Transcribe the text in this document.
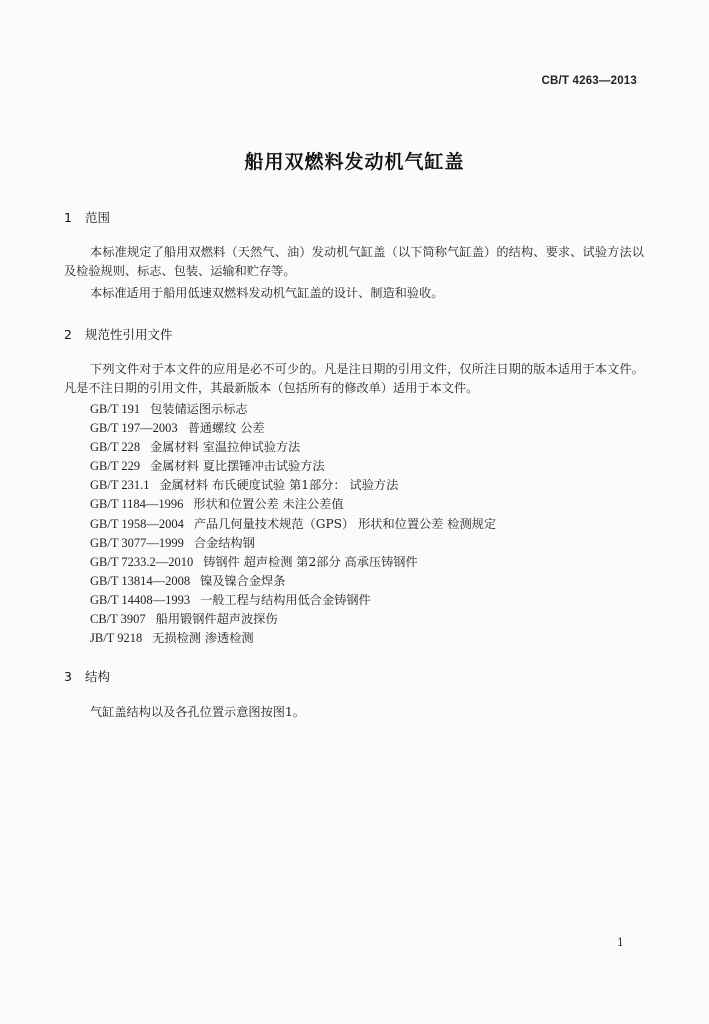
CB/T 4263—2013
船用双燃料发动机气缸盖
1 范围

本标准规定了船用双燃料（天然气、油）发动机气缸盖（以下简称气缸盖）的结构、要求、试验方法以及检验规则、标志、包装、运输和贮存等。

本标准适用于船用低速双燃料发动机气缸盖的设计、制造和验收。

2 规范性引用文件

下列文件对于本文件的应用是必不可少的。凡是注日期的引用文件，仅所注日期的版本适用于本文件。凡是不注日期的引用文件，其最新版本（包括所有的修改单）适用于本文件。

GB/T 191 包装储运图示标志
GB/T 197—2003 普通螺纹 公差
GB/T 228 金属材料 室温拉伸试验方法
GB/T 229 金属材料 夏比摆锤冲击试验方法
GB/T 231.1 金属材料 布氏硬度试验 第1部分： 试验方法
GB/T 1184—1996 形状和位置公差 未注公差值
GB/T 1958—2004 产品几何量技术规范（GPS） 形状和位置公差 检测规定
GB/T 3077—1999 合金结构钢
GB/T 7233.2—2010 铸钢件 超声检测 第2部分 高承压铸钢件
GB/T 13814—2008 镍及镍合金焊条
GB/T 14408—1993 一般工程与结构用低合金铸钢件
CB/T 3907 船用锻钢件超声波探伤
JB/T 9218 无损检测 渗透检测
3 结构

气缸盖结构以及各孔位置示意图按图1。

1
